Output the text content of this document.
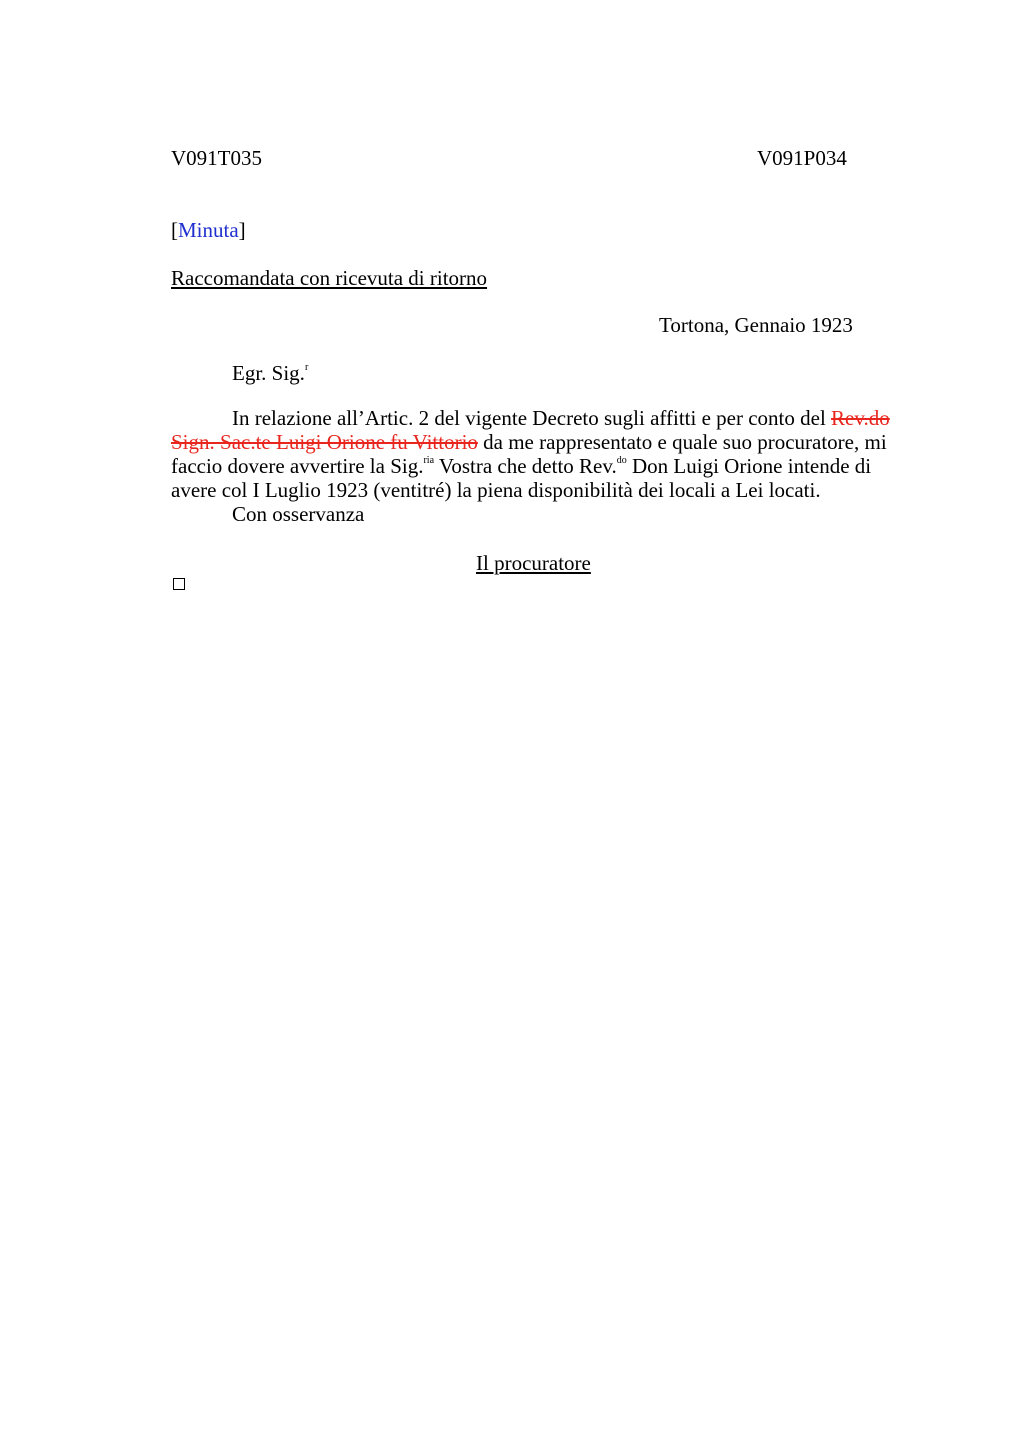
V091T035	V091P034
[Minuta]
Raccomandata con ricevuta di ritorno
Tortona, Gennaio 1923
Egr. Sig.$^r$

In relazione all’Artic. 2 del vigente Decreto sugli affitti e per conto del Rev.do Sign. Sac.te Luigi Orione fu Vittorio da me rappresentato e quale suo procuratore, mi faccio dovere avvertire la Sig.$^{ria}$ Vostra che detto Rev.$^{do}$ Don Luigi Orione intende di avere col I Luglio 1923 (ventitré) la piena disponibilità dei locali a Lei locati.

Con osservanza

Il procuratore
